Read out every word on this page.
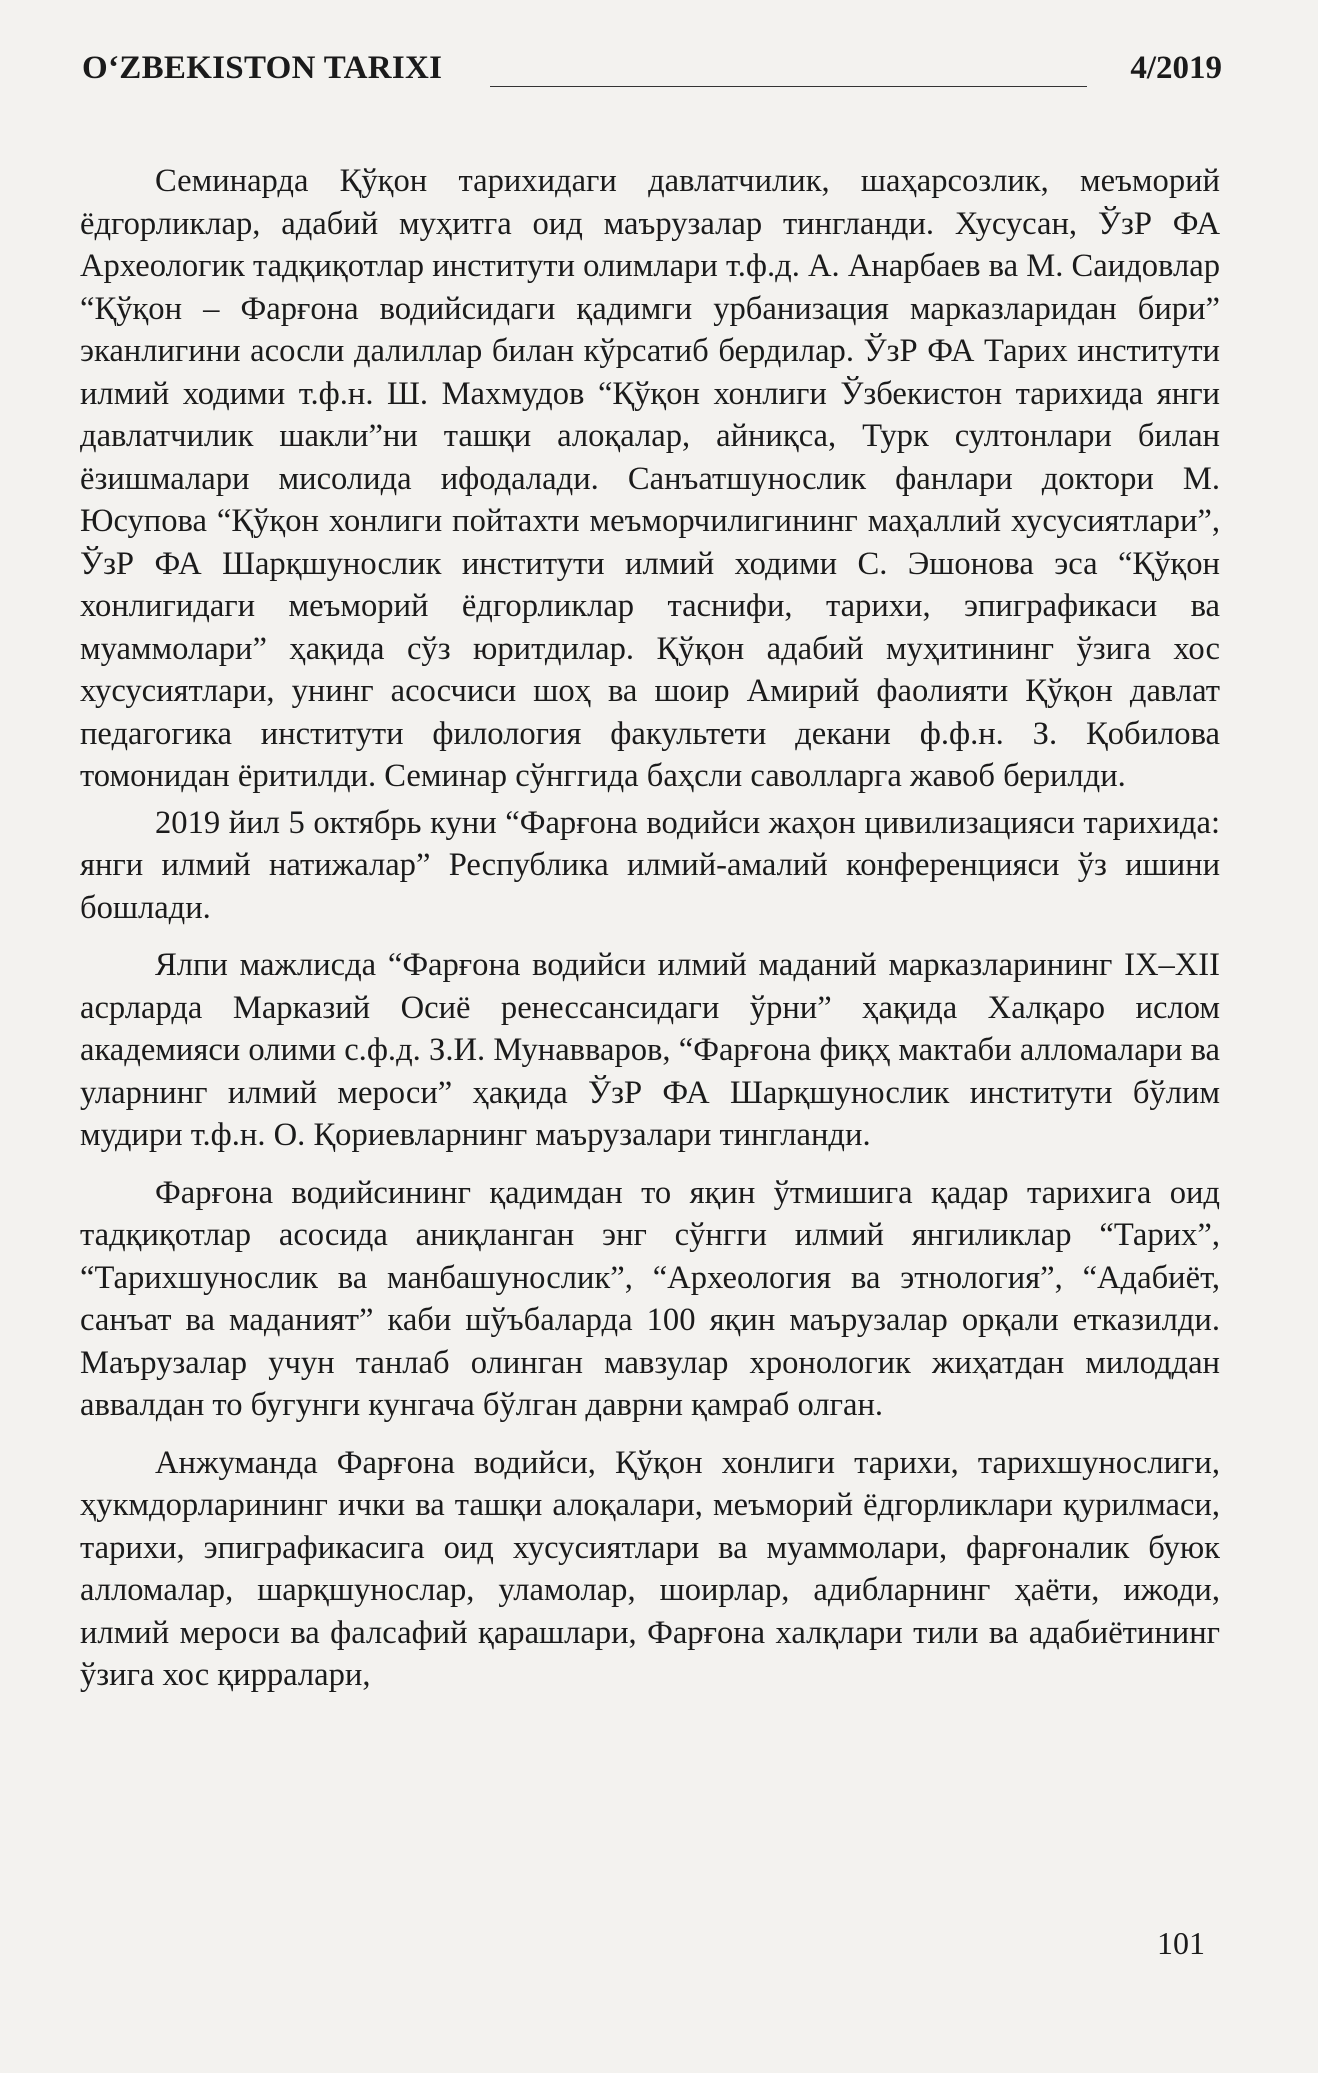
O‘ZBEKISTON TARIXI	4/2019

Семинарда Қўқон тарихидаги давлатчилик, шаҳарсозлик, меъморий ёдгорликлар, адабий муҳитга оид маърузалар тингланди. Хусусан, ЎзР ФА Археологик тадқиқотлар институти олимлари т.ф.д. А. Анарбаев ва М. Саидовлар “Қўқон – Фарғона водийсидаги қадимги урбанизация марказларидан бири” эканлигини асосли далиллар билан кўрсатиб бердилар. ЎзР ФА Тарих институти илмий ходими т.ф.н. Ш. Махмудов “Қўқон хонлиги Ўзбекистон тарихида янги давлатчилик шакли”ни ташқи алоқалар, айниқса, Турк султонлари билан ёзишмалари мисолида ифодалади. Санъатшунослик фанлари доктори М. Юсупова “Қўқон хонлиги пойтахти меъморчилигининг маҳаллий хусусиятлари”, ЎзР ФА Шарқшунослик институти илмий ходими С. Эшонова эса “Қўқон хонлигидаги меъморий ёдгорликлар таснифи, тарихи, эпиграфикаси ва муаммолари” ҳақида сўз юритдилар. Қўқон адабий муҳитининг ўзига хос хусусиятлари, унинг асосчиси шоҳ ва шоир Амирий фаолияти Қўқон давлат педагогика институти филология факультети декани ф.ф.н. З. Қобилова томонидан ёритилди. Семинар сўнггида баҳсли саволларга жавоб берилди.

2019 йил 5 октябрь куни “Фарғона водийси жаҳон цивилизацияси тарихида: янги илмий натижалар” Республика илмий-амалий конференцияси ўз ишини бошлади.

Ялпи мажлисда “Фарғона водийси илмий маданий марказларининг IX–XII асрларда Марказий Осиё ренессансидаги ўрни” ҳақида Халқаро ислом академияси олими с.ф.д. З.И. Мунавваров, “Фарғона фиқҳ мактаби алломалари ва уларнинг илмий мероси” ҳақида ЎзР ФА Шарқшунослик институти бўлим мудири т.ф.н. О. Қориевларнинг маърузалари тингланди.

Фарғона водийсининг қадимдан то яқин ўтмишига қадар тарихига оид тадқиқотлар асосида аниқланган энг сўнгги илмий янгиликлар “Тарих”, “Тарихшунослик ва манбашунослик”, “Археология ва этнология”, “Адабиёт, санъат ва маданият” каби шўъбаларда 100 яқин маърузалар орқали етказилди. Маърузалар учун танлаб олинган мавзулар хронологик жиҳатдан милоддан аввалдан то бугунги кунгача бўлган даврни қамраб олган.

Анжуманда Фарғона водийси, Қўқон хонлиги тарихи, тарихшунослиги, ҳукмдорларининг ички ва ташқи алоқалари, меъморий ёдгорликлари қурилмаси, тарихи, эпиграфикасига оид хусусиятлари ва муаммолари, фарғоналик буюк алломалар, шарқшунослар, уламолар, шоирлар, адибларнинг ҳаёти, ижоди, илмий мероси ва фалсафий қарашлари, Фарғона халқлари тили ва адабиётининг ўзига хос қирралари,

101
